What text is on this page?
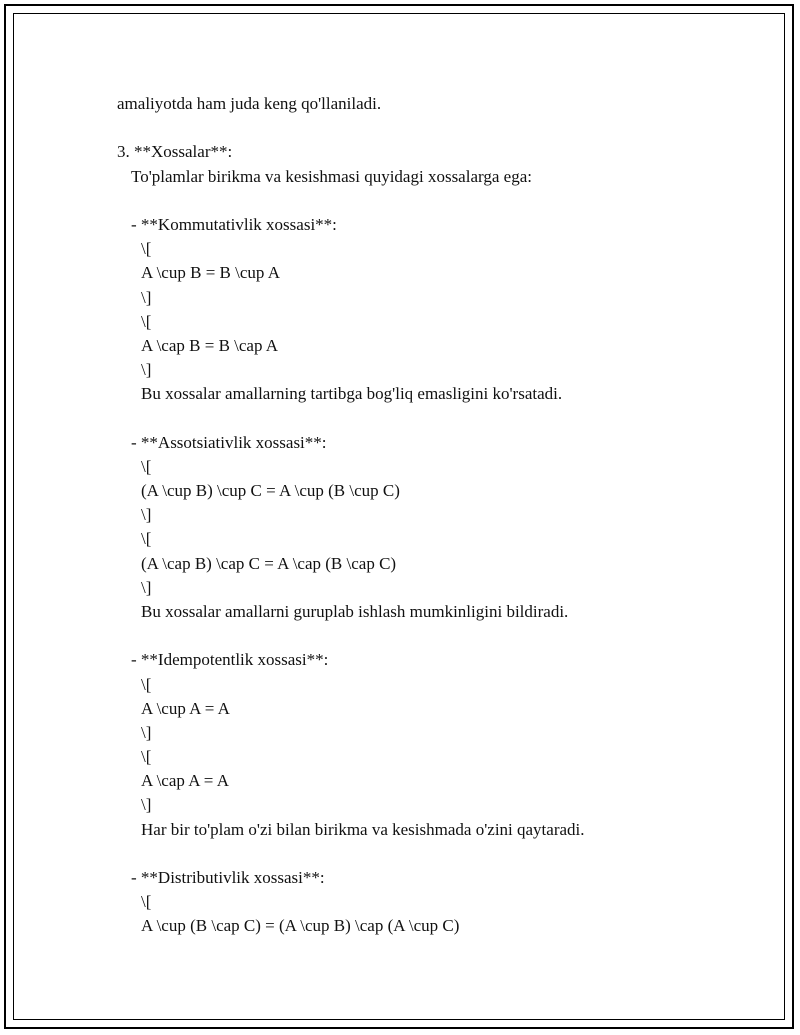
amaliyotda ham juda keng qo'llaniladi.
3. **Xossalar**:
To'plamlar birikma va kesishmasi quyidagi xossalarga ega:
- **Kommutativlik xossasi**:
\[
A \cup B = B \cup A
\]
\[
A \cap B = B \cap A
\]
Bu xossalar amallarning tartibga bog'liq emasligini ko'rsatadi.
- **Assotsiativlik xossasi**:
\[
(A \cup B) \cup C = A \cup (B \cup C)
\]
\[
(A \cap B) \cap C = A \cap (B \cap C)
\]
Bu xossalar amallarni guruplab ishlash mumkinligini bildiradi.
- **Idempotentlik xossasi**:
\[
A \cup A = A
\]
\[
A \cap A = A
\]
Har bir to'plam o'zi bilan birikma va kesishmada o'zini qaytaradi.
- **Distributivlik xossasi**:
\[
A \cup (B \cap C) = (A \cup B) \cap (A \cup C)
